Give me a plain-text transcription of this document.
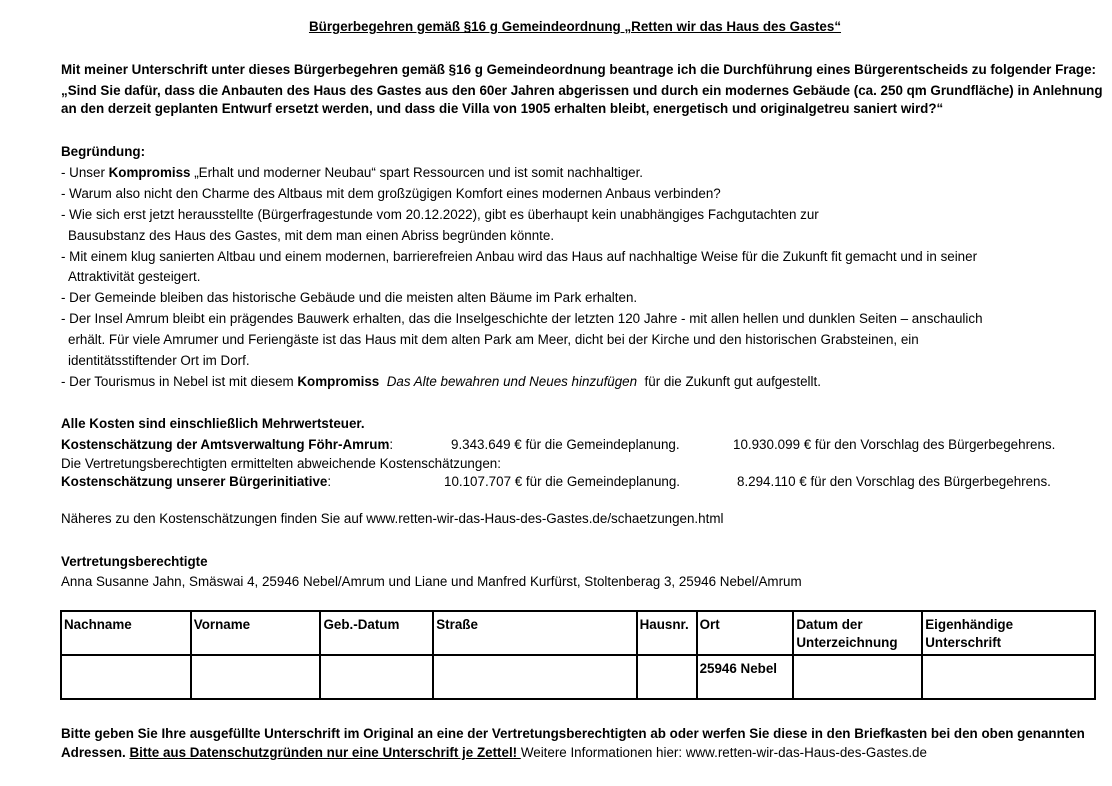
Bürgerbegehren gemäß §16 g Gemeindeordnung „Retten wir das Haus des Gastes“
Mit meiner Unterschrift unter dieses Bürgerbegehren gemäß §16 g Gemeindeordnung beantrage ich die Durchführung eines Bürgerentscheids zu folgender Frage:
„Sind Sie dafür, dass die Anbauten des Haus des Gastes aus den 60er Jahren abgerissen und durch ein modernes Gebäude (ca. 250 qm Grundfläche) in Anlehnung
an den derzeit geplanten Entwurf ersetzt werden, und dass die Villa von 1905 erhalten bleibt, energetisch und originalgetreu saniert wird?“
Begründung:
- Unser Kompromiss „Erhalt und moderner Neubau“ spart Ressourcen und ist somit nachhaltiger.
- Warum also nicht den Charme des Altbaus mit dem großzügigen Komfort eines modernen Anbaus verbinden?
- Wie sich erst jetzt herausstellte (Bürgerfragestunde vom 20.12.2022), gibt es überhaupt kein unabhängiges Fachgutachten zur
Bausubstanz des Haus des Gastes, mit dem man einen Abriss begründen könnte.
- Mit einem klug sanierten Altbau und einem modernen, barrierefreien Anbau wird das Haus auf nachhaltige Weise für die Zukunft fit gemacht und in seiner
Attraktivität gesteigert.
- Der Gemeinde bleiben das historische Gebäude und die meisten alten Bäume im Park erhalten.
- Der Insel Amrum bleibt ein prägendes Bauwerk erhalten, das die Inselgeschichte der letzten 120 Jahre - mit allen hellen und dunklen Seiten – anschaulich
erhält. Für viele Amrumer und Feriengäste ist das Haus mit dem alten Park am Meer, dicht bei der Kirche und den historischen Grabsteinen, ein
identitätsstiftender Ort im Dorf.
- Der Tourismus in Nebel ist mit diesem Kompromiss Das Alte bewahren und Neues hinzufügen für die Zukunft gut aufgestellt.
Alle Kosten sind einschließlich Mehrwertsteuer.
Kostenschätzung der Amtsverwaltung Föhr-Amrum:	9.343.649 € für die Gemeindeplanung.	10.930.099 € für den Vorschlag des Bürgerbegehrens.
Die Vertretungsberechtigten ermittelten abweichende Kostenschätzungen:
Kostenschätzung unserer Bürgerinitiative:	10.107.707 € für die Gemeindeplanung.	8.294.110 € für den Vorschlag des Bürgerbegehrens.
Näheres zu den Kostenschätzungen finden Sie auf www.retten-wir-das-Haus-des-Gastes.de/schaetzungen.html
Vertretungsberechtigte
Anna Susanne Jahn, Smäswai 4, 25946 Nebel/Amrum und Liane und Manfred Kurfürst, Stoltenberag 3, 25946 Nebel/Amrum
Nachname	Vorname	Geb.-Datum	Straße	Hausnr.	Ort	Datum der Unterzeichnung	Eigenhändige Unterschrift
					25946 Nebel		
Bitte geben Sie Ihre ausgefüllte Unterschrift im Original an eine der Vertretungsberechtigten ab oder werfen Sie diese in den Briefkasten bei den oben genannten
Adressen. Bitte aus Datenschutzgründen nur eine Unterschrift je Zettel! Weitere Informationen hier: www.retten-wir-das-Haus-des-Gastes.de
